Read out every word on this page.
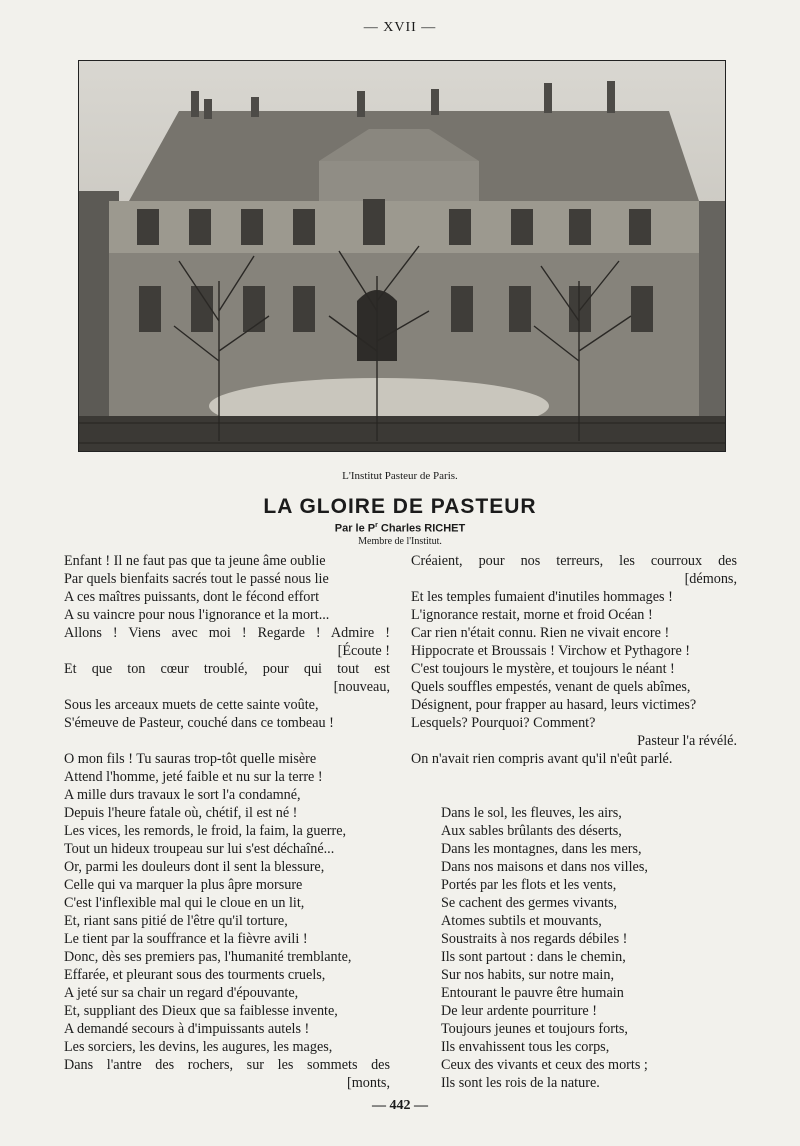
— XVII —
L'Institut Pasteur de Paris.
LA GLOIRE DE PASTEUR
Par le $P^r$ Charles RICHET
Membre de l'Institut.
Enfant ! Il ne faut pas que ta jeune âme oublie
Par quels bienfaits sacrés tout le passé nous lie
A ces maîtres puissants, dont le fécond effort
A su vaincre pour nous l'ignorance et la mort...
Allons ! Viens avec moi ! Regarde ! Admire !
[Écoute !
Et que ton cœur troublé, pour qui tout est
[nouveau,
Sous les arceaux muets de cette sainte voûte,
S'émeuve de Pasteur, couché dans ce tombeau !
O mon fils ! Tu sauras trop-tôt quelle misère
Attend l'homme, jeté faible et nu sur la terre !
A mille durs travaux le sort l'a condamné,
Depuis l'heure fatale où, chétif, il est né !
Les vices, les remords, le froid, la faim, la guerre,
Tout un hideux troupeau sur lui s'est déchaîné...
Or, parmi les douleurs dont il sent la blessure,
Celle qui va marquer la plus âpre morsure
C'est l'inflexible mal qui le cloue en un lit,
Et, riant sans pitié de l'être qu'il torture,
Le tient par la souffrance et la fièvre avili !
Donc, dès ses premiers pas, l'humanité tremblante,
Effarée, et pleurant sous des tourments cruels,
A jeté sur sa chair un regard d'épouvante,
Et, suppliant des Dieux que sa faiblesse invente,
A demandé secours à d'impuissants autels !
Les sorciers, les devins, les augures, les mages,
Dans l'antre des rochers, sur les sommets des
[monts,
Créaient, pour nos terreurs, les courroux des
[démons,
Et les temples fumaient d'inutiles hommages !
L'ignorance restait, morne et froid Océan !
Car rien n'était connu. Rien ne vivait encore !
Hippocrate et Broussais ! Virchow et Pythagore !
C'est toujours le mystère, et toujours le néant !
Quels souffles empestés, venant de quels abîmes,
Désignent, pour frapper au hasard, leurs victimes?
Lesquels? Pourquoi? Comment?
Pasteur l'a révélé.
On n'avait rien compris avant qu'il n'eût parlé.
Dans le sol, les fleuves, les airs,
Aux sables brûlants des déserts,
Dans les montagnes, dans les mers,
Dans nos maisons et dans nos villes,
Portés par les flots et les vents,
Se cachent des germes vivants,
Atomes subtils et mouvants,
Soustraits à nos regards débiles !
Ils sont partout : dans le chemin,
Sur nos habits, sur notre main,
Entourant le pauvre être humain
De leur ardente pourriture !
Toujours jeunes et toujours forts,
Ils envahissent tous les corps,
Ceux des vivants et ceux des morts ;
Ils sont les rois de la nature.
— 442 —
